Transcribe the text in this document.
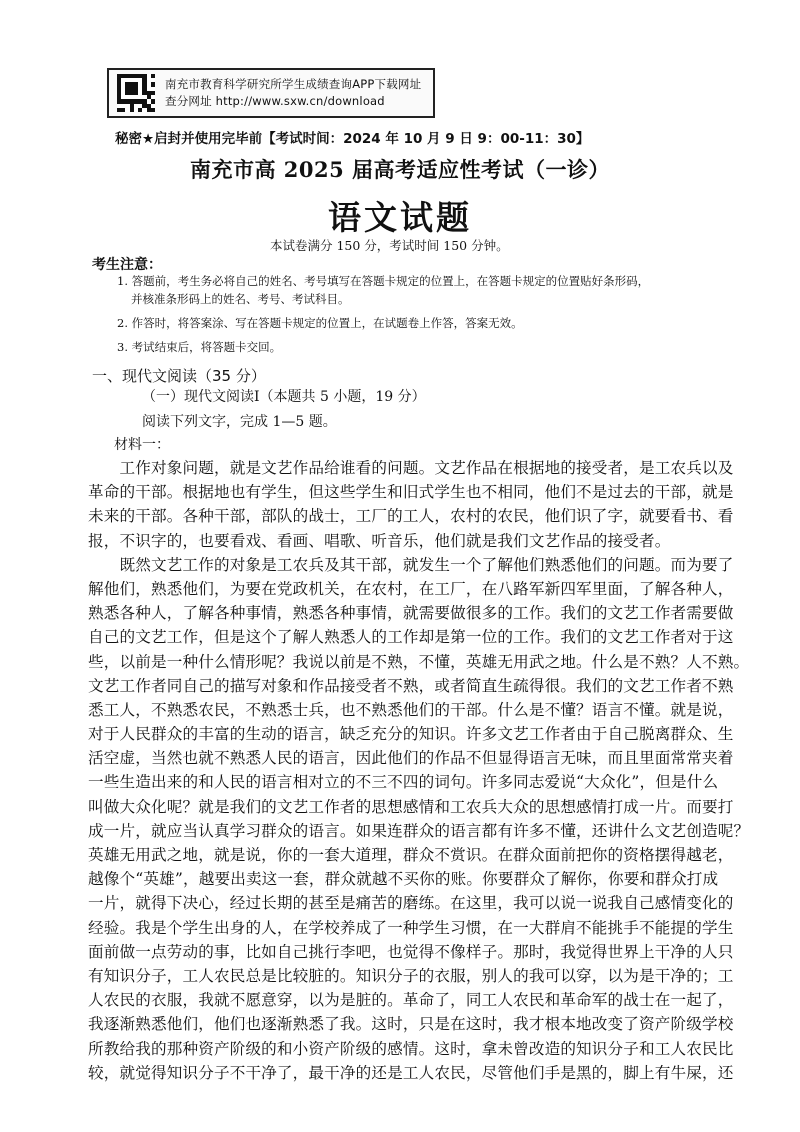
南充市教育科学研究所学生成绩查询APP下载网址
查分网址 http://www.sxw.cn/download
秘密★启封并使用完毕前【考试时间：2024 年 10 月 9 日 9：00-11：30】
南充市高 2025 届高考适应性考试（一诊）
语文试题
本试卷满分 150 分，考试时间 150 分钟。
考生注意：
1. 答题前，考生务必将自己的姓名、考号填写在答题卡规定的位置上，在答题卡规定的位置贴好条形码，
并核准条形码上的姓名、考号、考试科目。
2. 作答时，将答案涂、写在答题卡规定的位置上，在试题卷上作答，答案无效。
3. 考试结束后，将答题卡交回。
一、现代文阅读（35 分）
（一）现代文阅读Ⅰ（本题共 5 小题，19 分）
阅读下列文字，完成 1—5 题。
材料一：
　　工作对象问题，就是文艺作品给谁看的问题。文艺作品在根据地的接受者，是工农兵以及
革命的干部。根据地也有学生，但这些学生和旧式学生也不相同，他们不是过去的干部，就是
未来的干部。各种干部，部队的战士，工厂的工人，农村的农民，他们识了字，就要看书、看
报，不识字的，也要看戏、看画、唱歌、听音乐，他们就是我们文艺作品的接受者。
　　既然文艺工作的对象是工农兵及其干部，就发生一个了解他们熟悉他们的问题。而为要了
解他们，熟悉他们，为要在党政机关，在农村，在工厂，在八路军新四军里面，了解各种人，
熟悉各种人，了解各种事情，熟悉各种事情，就需要做很多的工作。我们的文艺工作者需要做
自己的文艺工作，但是这个了解人熟悉人的工作却是第一位的工作。我们的文艺工作者对于这
些，以前是一种什么情形呢？我说以前是不熟，不懂，英雄无用武之地。什么是不熟？人不熟。
文艺工作者同自己的描写对象和作品接受者不熟，或者简直生疏得很。我们的文艺工作者不熟
悉工人，不熟悉农民，不熟悉士兵，也不熟悉他们的干部。什么是不懂？语言不懂。就是说，
对于人民群众的丰富的生动的语言，缺乏充分的知识。许多文艺工作者由于自己脱离群众、生
活空虚，当然也就不熟悉人民的语言，因此他们的作品不但显得语言无味，而且里面常常夹着
一些生造出来的和人民的语言相对立的不三不四的词句。许多同志爱说“大众化”，但是什么
叫做大众化呢？就是我们的文艺工作者的思想感情和工农兵大众的思想感情打成一片。而要打
成一片，就应当认真学习群众的语言。如果连群众的语言都有许多不懂，还讲什么文艺创造呢？
英雄无用武之地，就是说，你的一套大道理，群众不赏识。在群众面前把你的资格摆得越老，
越像个“英雄”，越要出卖这一套，群众就越不买你的账。你要群众了解你，你要和群众打成
一片，就得下决心，经过长期的甚至是痛苦的磨练。在这里，我可以说一说我自己感情变化的
经验。我是个学生出身的人，在学校养成了一种学生习惯，在一大群肩不能挑手不能提的学生
面前做一点劳动的事，比如自己挑行李吧，也觉得不像样子。那时，我觉得世界上干净的人只
有知识分子，工人农民总是比较脏的。知识分子的衣服，别人的我可以穿，以为是干净的；工
人农民的衣服，我就不愿意穿，以为是脏的。革命了，同工人农民和革命军的战士在一起了，
我逐渐熟悉他们，他们也逐渐熟悉了我。这时，只是在这时，我才根本地改变了资产阶级学校
所教给我的那种资产阶级的和小资产阶级的感情。这时，拿未曾改造的知识分子和工人农民比
较，就觉得知识分子不干净了，最干净的还是工人农民，尽管他们手是黑的，脚上有牛屎，还
